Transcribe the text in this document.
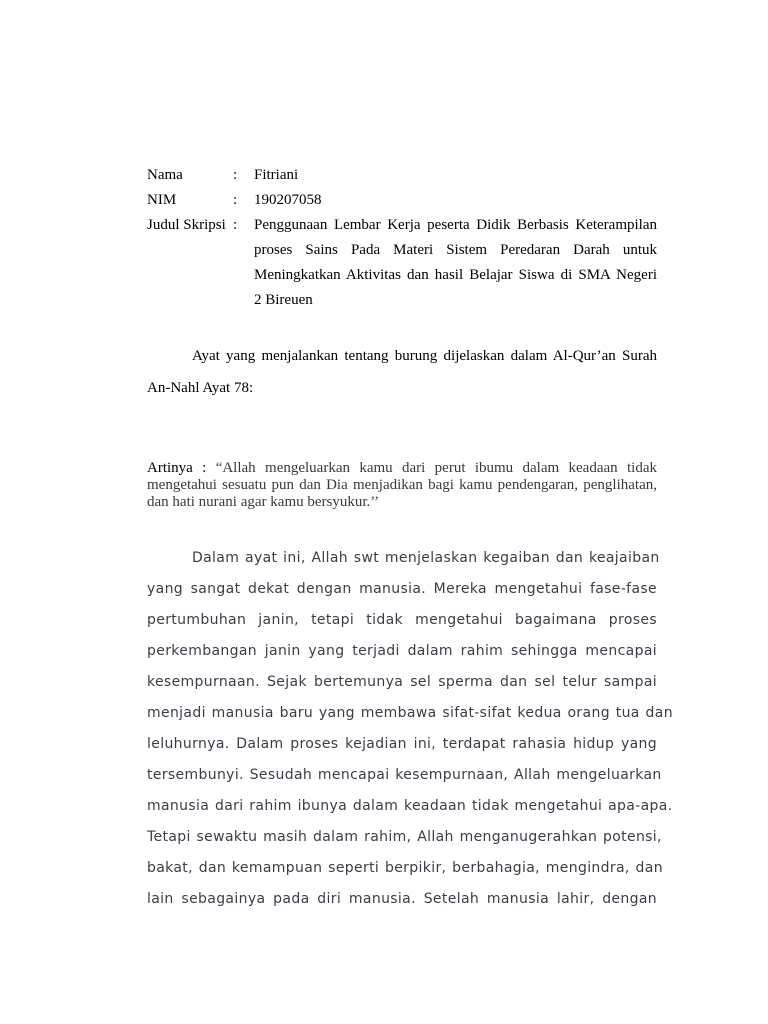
Nama	:	Fitriani
NIM	:	190207058
Judul Skripsi :	Penggunaan Lembar Kerja peserta Didik Berbasis Keterampilan
proses Sains Pada Materi Sistem Peredaran Darah untuk
Meningkatkan Aktivitas dan hasil Belajar Siswa di SMA Negeri
2 Bireuen

Ayat yang menjalankan tentang burung dijelaskan dalam Al-Qur’an Surah An-Nahl Ayat 78:

Artinya : “Allah mengeluarkan kamu dari perut ibumu dalam keadaan tidak mengetahui sesuatu pun dan Dia menjadikan bagi kamu pendengaran, penglihatan, dan hati nurani agar kamu bersyukur.’’

Dalam ayat ini, Allah swt menjelaskan kegaiban dan keajaiban
yang sangat dekat dengan manusia. Mereka mengetahui fase-fase
pertumbuhan janin, tetapi tidak mengetahui bagaimana proses
perkembangan janin yang terjadi dalam rahim sehingga mencapai
kesempurnaan. Sejak bertemunya sel sperma dan sel telur sampai
menjadi manusia baru yang membawa sifat-sifat kedua orang tua dan
leluhurnya. Dalam proses kejadian ini, terdapat rahasia hidup yang
tersembunyi. Sesudah mencapai kesempurnaan, Allah mengeluarkan
manusia dari rahim ibunya dalam keadaan tidak mengetahui apa-apa.
Tetapi sewaktu masih dalam rahim, Allah menganugerahkan potensi,
bakat, dan kemampuan seperti berpikir, berbahagia, mengindra, dan
lain sebagainya pada diri manusia. Setelah manusia lahir, dengan
